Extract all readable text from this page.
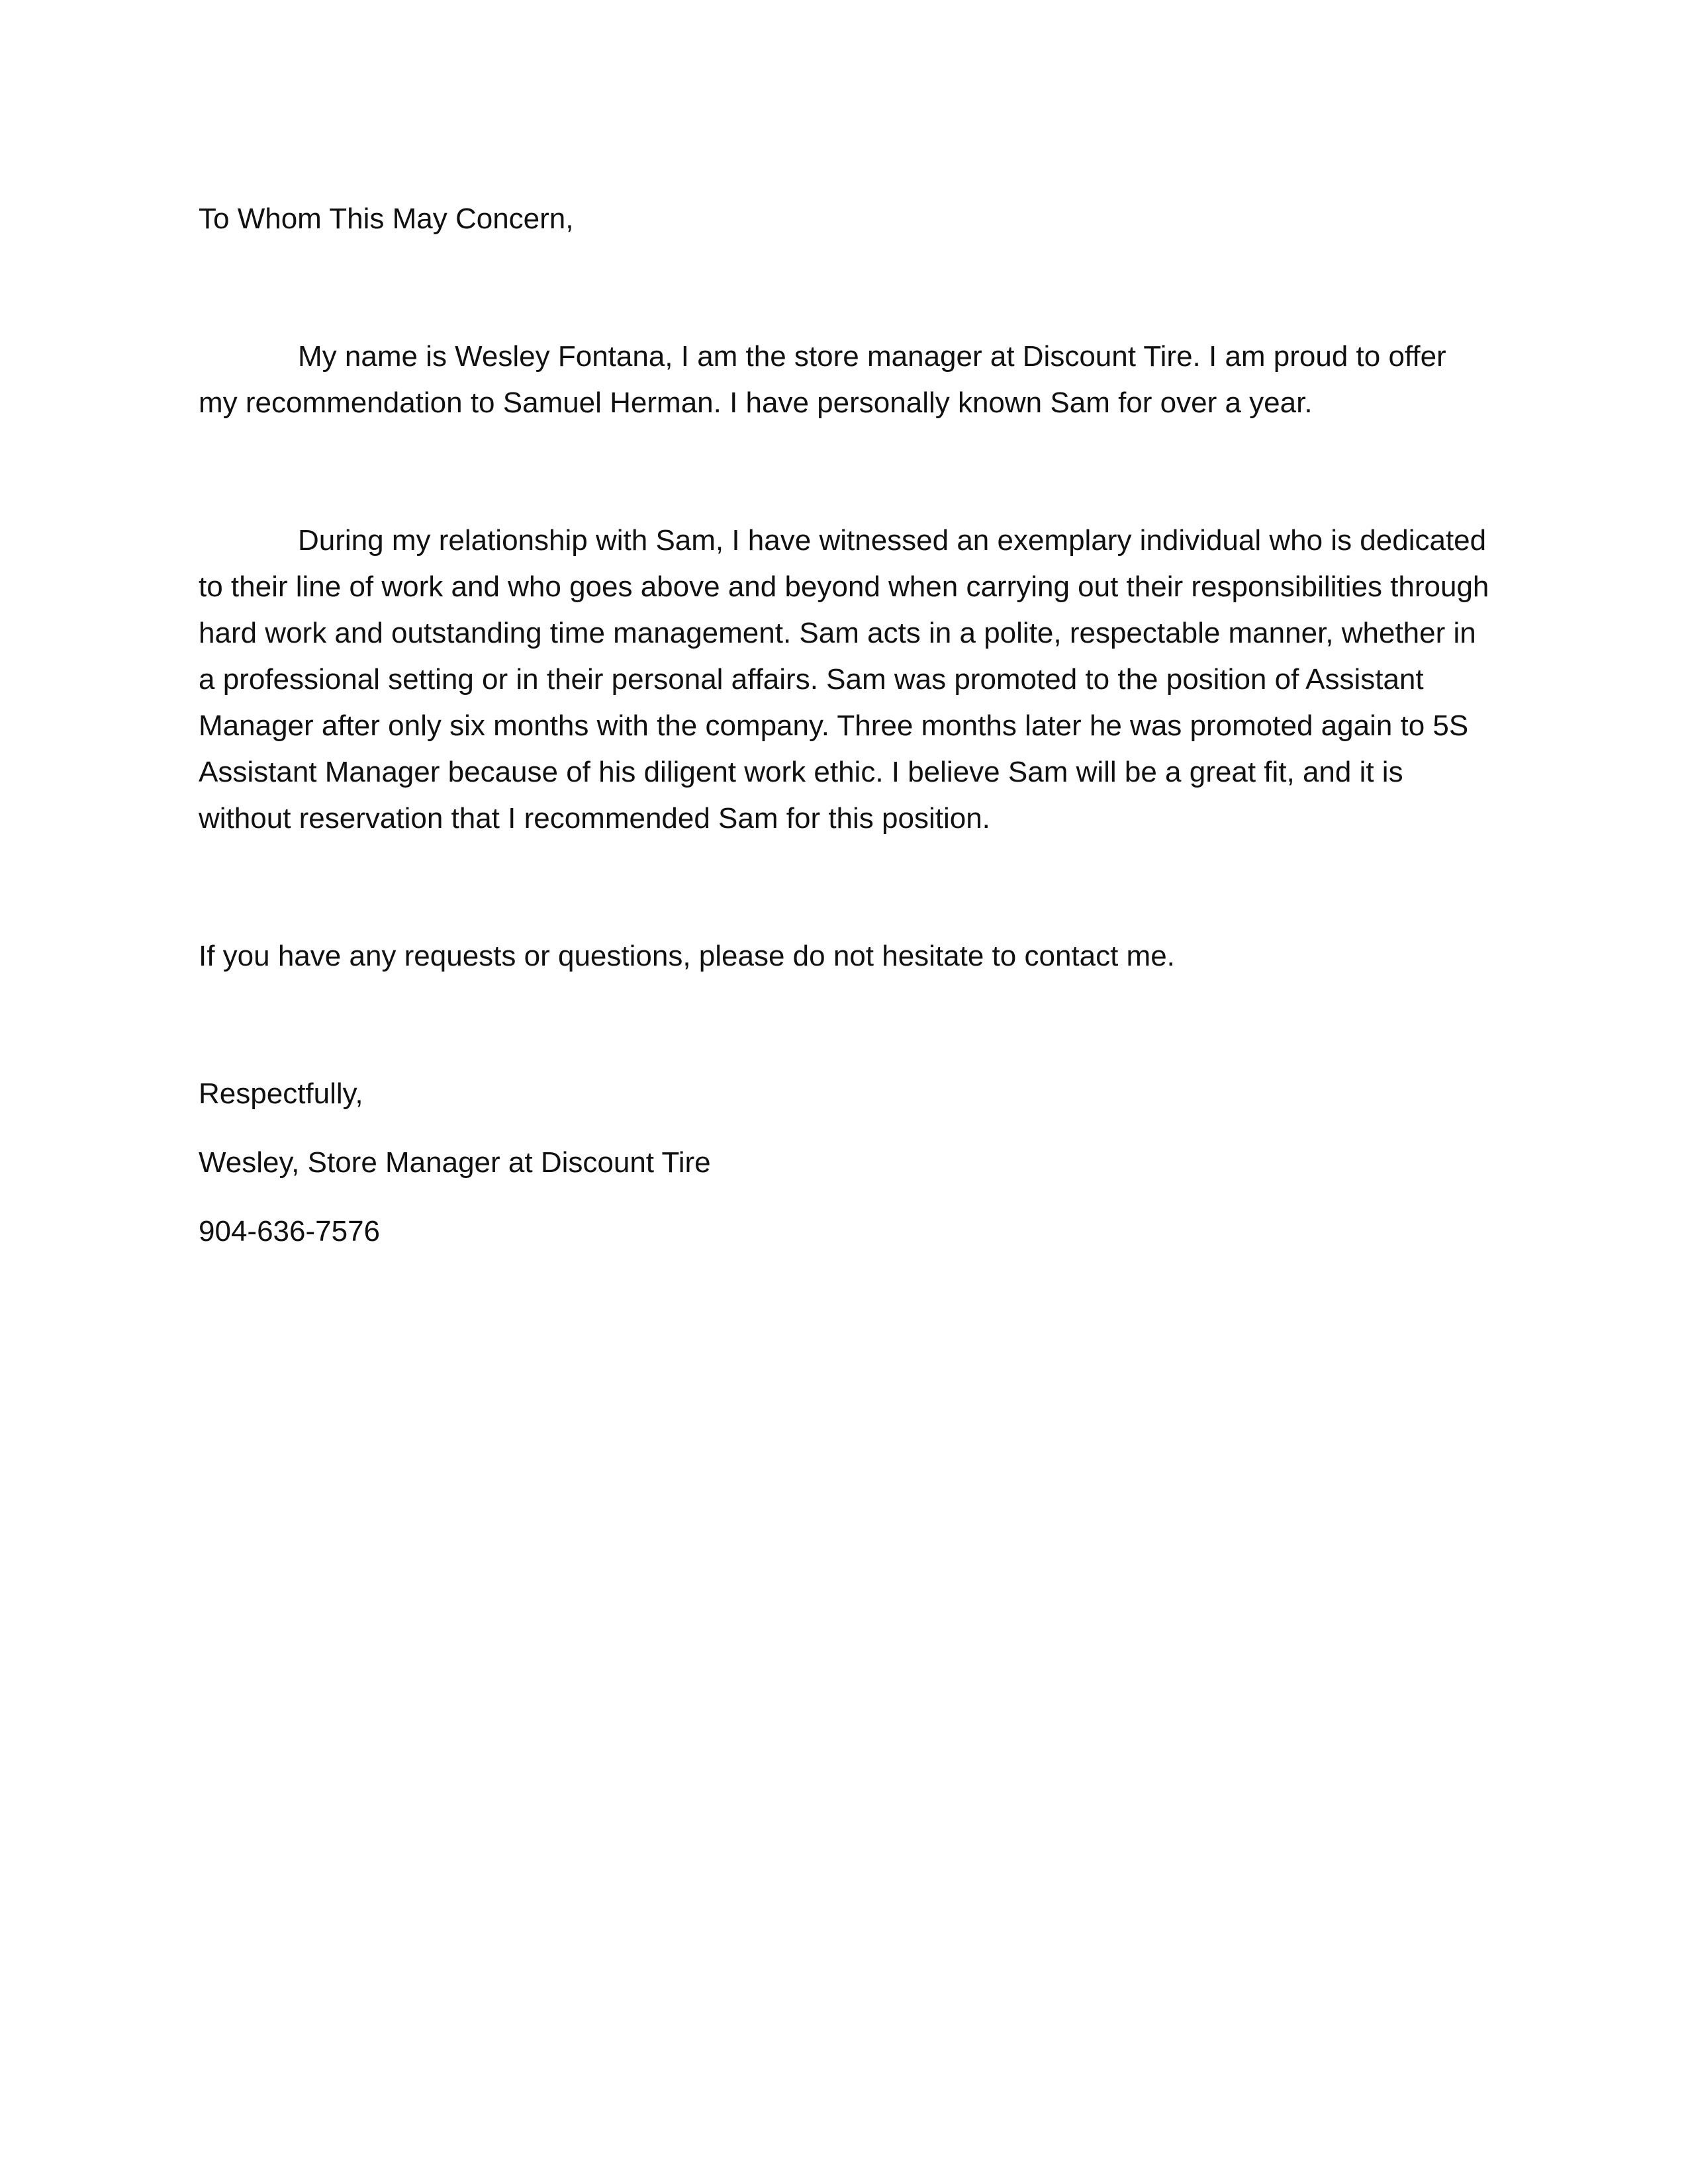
To Whom This May Concern,

My name is Wesley Fontana, I am the store manager at Discount Tire. I am proud to offer my recommendation to Samuel Herman. I have personally known Sam for over a year.

During my relationship with Sam, I have witnessed an exemplary individual who is dedicated to their line of work and who goes above and beyond when carrying out their responsibilities through hard work and outstanding time management. Sam acts in a polite, respectable manner, whether in a professional setting or in their personal affairs. Sam was promoted to the position of Assistant Manager after only six months with the company. Three months later he was promoted again to 5S Assistant Manager because of his diligent work ethic. I believe Sam will be a great fit, and it is without reservation that I recommended Sam for this position.

If you have any requests or questions, please do not hesitate to contact me.

Respectfully,

Wesley, Store Manager at Discount Tire

904-636-7576
